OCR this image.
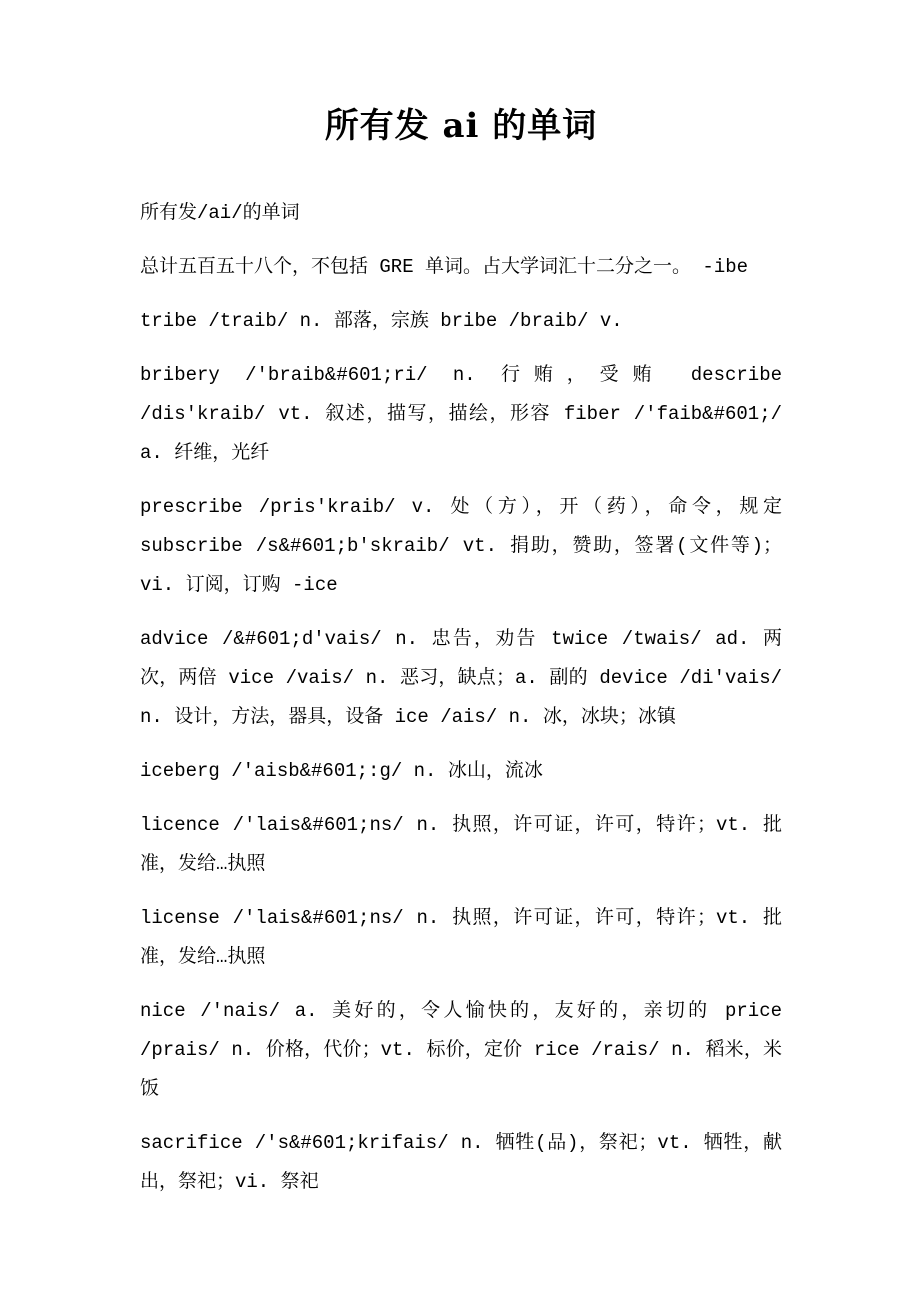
所有发 ai 的单词

所有发/ai/的单词

总计五百五十八个，不包括 GRE 单词。占大学词汇十二分之一。 -ibe

tribe /traib/ n. 部落，宗族 bribe /braib/ v.

bribery /'braib&#601;ri/ n. 行贿，受贿 describe /dis'kraib/ vt. 叙述，描写，描绘，形容 fiber /'faib&#601;/ a. 纤维，光纤

prescribe /pris'kraib/ v. 处（方），开（药），命令，规定 subscribe /s&#601;b'skraib/ vt. 捐助，赞助，签署(文件等)；vi. 订阅，订购 -ice

advice /&#601;d'vais/ n. 忠告，劝告 twice /twais/ ad. 两次，两倍 vice /vais/ n. 恶习，缺点；a. 副的 device /di'vais/ n. 设计，方法，器具，设备 ice /ais/ n. 冰，冰块；冰镇

iceberg /'aisb&#601;:g/ n. 冰山，流冰

licence /'lais&#601;ns/ n. 执照，许可证，许可，特许；vt. 批准，发给…执照

license /'lais&#601;ns/ n. 执照，许可证，许可，特许；vt. 批准，发给…执照

nice /'nais/ a. 美好的，令人愉快的，友好的，亲切的 price /prais/ n. 价格，代价；vt. 标价，定价 rice /rais/ n. 稻米，米饭

sacrifice /'s&#601;krifais/ n. 牺牲(品)，祭祀；vt. 牺牲，献出，祭祀；vi. 祭祀
